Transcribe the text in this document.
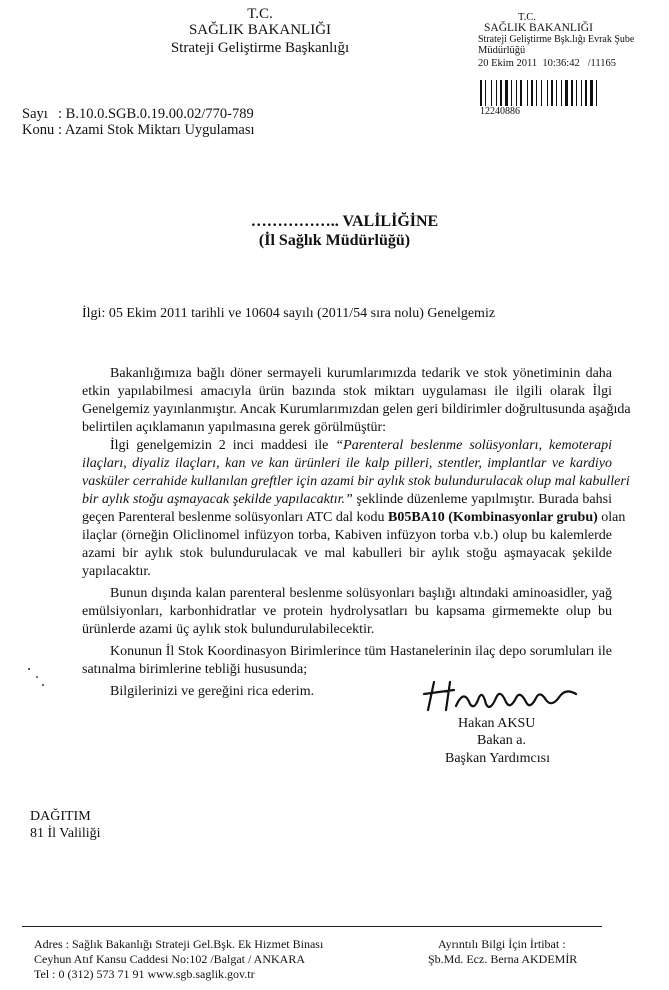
T.C.
SAĞLIK BAKANLIĞI
Strateji Geliştirme Başkanlığı
T.C.
SAĞLIK BAKANLIĞI
Strateji Geliştirme Bşk.lığı Evrak Şube
Müdürlüğü
20 Ekim 2011 10:36:42 /11165
12240886
Sayı : B.10.0.SGB.0.19.00.02/770-789
Konu : Azami Stok Miktarı Uygulaması
…………….. VALİLİĞİNE
(İl Sağlık Müdürlüğü)
İlgi: 05 Ekim 2011 tarihli ve 10604 sayılı (2011/54 sıra nolu) Genelgemiz
Bakanlığımıza bağlı döner sermayeli kurumlarımızda tedarik ve stok yönetiminin daha
etkin yapılabilmesi amacıyla ürün bazında stok miktarı uygulaması ile ilgili olarak İlgi
Genelgemiz yayınlanmıştır. Ancak Kurumlarımızdan gelen geri bildirimler doğrultusunda aşağıda
belirtilen açıklamanın yapılmasına gerek görülmüştür:
İlgi genelgemizin 2 inci maddesi ile “Parenteral beslenme solüsyonları, kemoterapi
ilaçları, diyaliz ilaçları, kan ve kan ürünleri ile kalp pilleri, stentler, implantlar ve kardiyo
vasküler cerrahide kullanılan greftler için azami bir aylık stok bulundurulacak olup mal kabulleri
bir aylık stoğu aşmayacak şekilde yapılacaktır.” şeklinde düzenleme yapılmıştır. Burada bahsi
geçen Parenteral beslenme solüsyonları ATC dal kodu B05BA10 (Kombinasyonlar grubu) olan
ilaçlar (örneğin Oliclinomel infüzyon torba, Kabiven infüzyon torba v.b.) olup bu kalemlerde
azami bir aylık stok bulundurulacak ve mal kabulleri bir aylık stoğu aşmayacak şekilde
yapılacaktır.
Bunun dışında kalan parenteral beslenme solüsyonları başlığı altındaki aminoasidler, yağ
emülsiyonları, karbonhidratlar ve protein hydrolysatları bu kapsama girmemekte olup bu
ürünlerde azami üç aylık stok bulundurulabilecektir.
Konunun İl Stok Koordinasyon Birimlerince tüm Hastanelerinin ilaç depo sorumluları ile
satınalma birimlerine tebliği hususunda;
Bilgilerinizi ve gereğini rica ederim.
Hakan AKSU
Bakan a.
Başkan Yardımcısı
DAĞITIM
81 İl Valiliği
Adres : Sağlık Bakanlığı Strateji Gel.Bşk. Ek Hizmet Binası
Ceyhun Atıf Kansu Caddesi No:102 /Balgat / ANKARA
Tel : 0 (312) 573 71 91 www.sgb.saglik.gov.tr
Ayrıntılı Bilgi İçin İrtibat :
Şb.Md. Ecz. Berna AKDEMİR
